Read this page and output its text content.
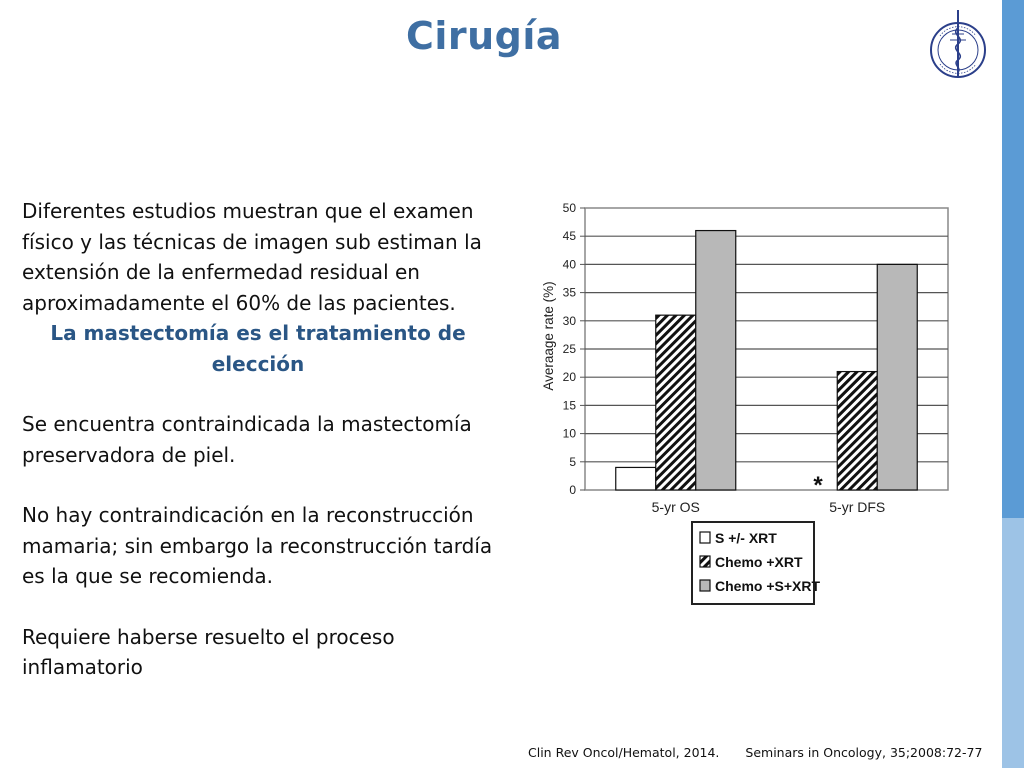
Cirugía

Diferentes estudios muestran que el examen físico y las técnicas de imagen sub estiman la extensión de la enfermedad residual en aproximadamente el 60% de las pacientes.

La mastectomía es el tratamiento de elección

Se encuentra contraindicada la mastectomía preservadora de piel.

No hay contraindicación en la reconstrucción mamaria; sin embargo la reconstrucción tardía es la que se recomienda.

Requiere haberse resuelto el proceso inflamatorio

0
5
10
15
20
25
30
35
40
45
50
5-yr OS	5-yr DFS
Averaage rate (%)
*
S +/- XRT
Chemo +XRT
Chemo +S+XRT
Clin Rev Oncol/Hematol, 2014. Seminars in Oncology, 35;2008:72-77
